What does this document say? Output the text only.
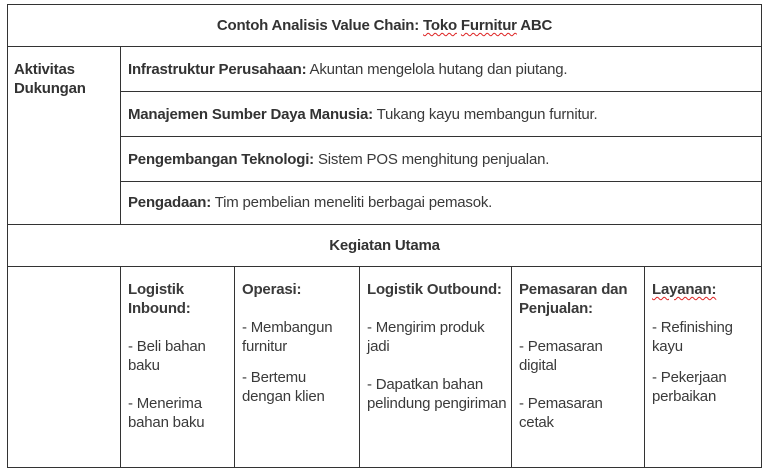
Contoh Analisis Value Chain: Toko Furnitur ABC
Aktivitas Dukungan
Infrastruktur Perusahaan: Akuntan mengelola hutang dan piutang.
Manajemen Sumber Daya Manusia: Tukang kayu membangun furnitur.
Pengembangan Teknologi: Sistem POS menghitung penjualan.
Pengadaan: Tim pembelian meneliti berbagai pemasok.
Kegiatan Utama
Logistik Inbound:
- Beli bahan baku
- Menerima bahan baku
Operasi:
- Membangun furnitur
- Bertemu dengan klien
Logistik Outbound:
- Mengirim produk jadi
- Dapatkan bahan pelindung pengiriman
Pemasaran dan Penjualan:
- Pemasaran digital
- Pemasaran cetak
Layanan:
- Refinishing kayu
- Pekerjaan perbaikan
